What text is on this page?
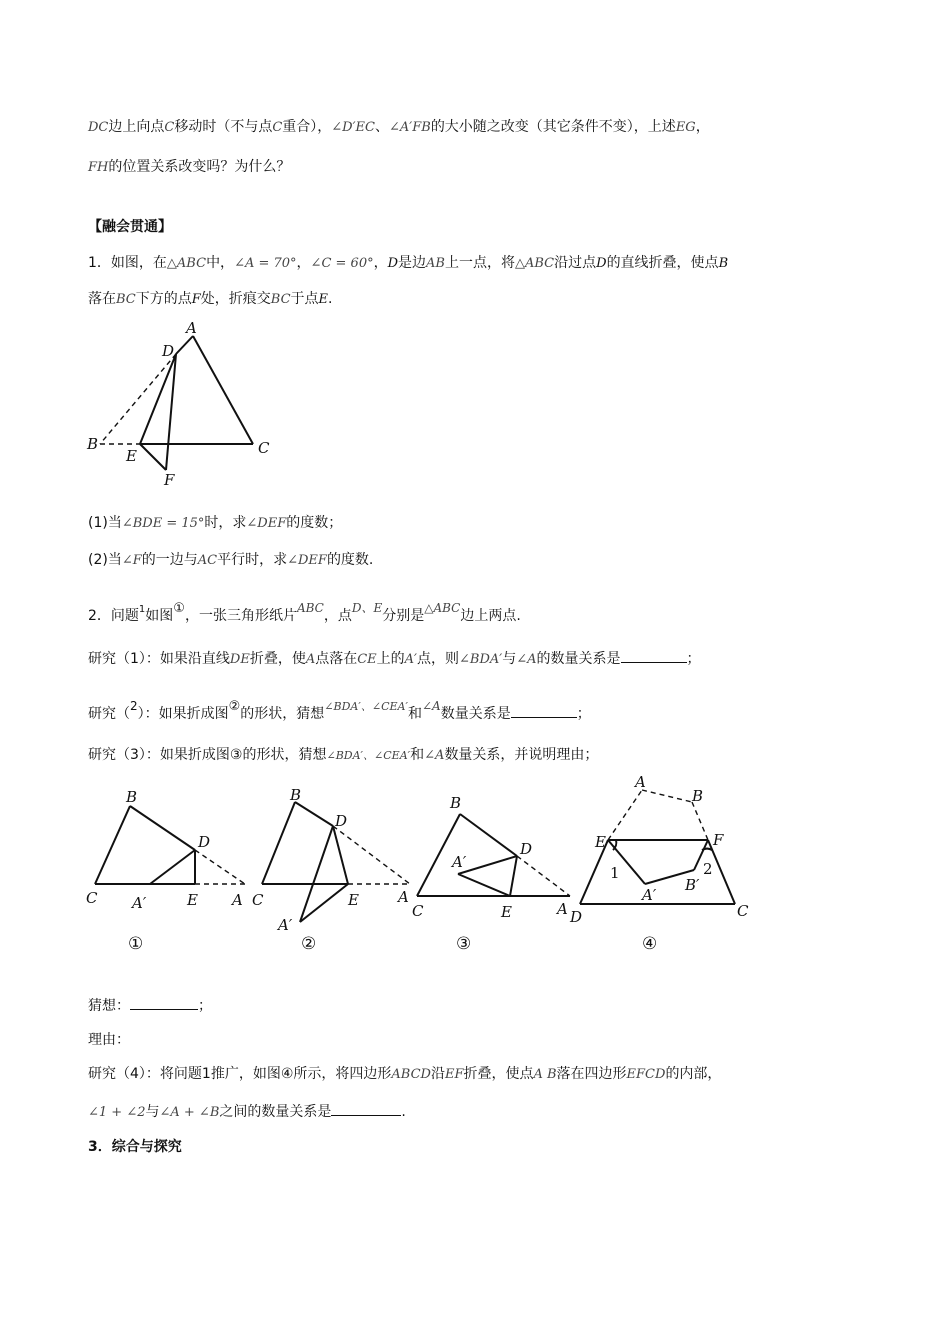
DC边上向点C移动时（不与点C重合），∠D′EC、∠A′FB的大小随之改变（其它条件不变），上述EG，
FH的位置关系改变吗？为什么？
【融会贯通】
1．如图，在△ABC中，∠A = 70°，∠C = 60°，D是边AB上一点，将△ABC沿过点D的直线折叠，使点B
落在BC下方的点F处，折痕交BC于点E.
A
D
B
E	C
F
(1)当∠BDE = 15°时，求∠DEF的度数；
(2)当∠F的一边与AC平行时，求∠DEF的度数.
2．问题$^1$如图①，一张三角形纸片ABC，点D、E分别是△ABC边上两点.
研究（1）：如果沿直线DE折叠，使A点落在CE上的A′点，则∠BDA′与∠A的数量关系是	；
研究（2）：如果折成图②的形状，猜想$^{\angle BDA'、\angle CEA'}$和∠A数量关系是	；
研究（3）：如果折成图③的形状，猜想∠BDA′、∠CEA′和∠A数量关系，并说明理由；
B
D
C A′	E A
B
D
C	E	A
A′
B
D
A′
C	E	A
A
B
E	F
1	2
A′
B′
D	C
①	②	③	④
猜想：	；
理由：
研究（4）：将问题1推广，如图④所示，将四边形ABCD沿EF折叠，使点A B落在四边形EFCD的内部，
∠1 + ∠2与∠A + ∠B之间的数量关系是	.
3．综合与探究
